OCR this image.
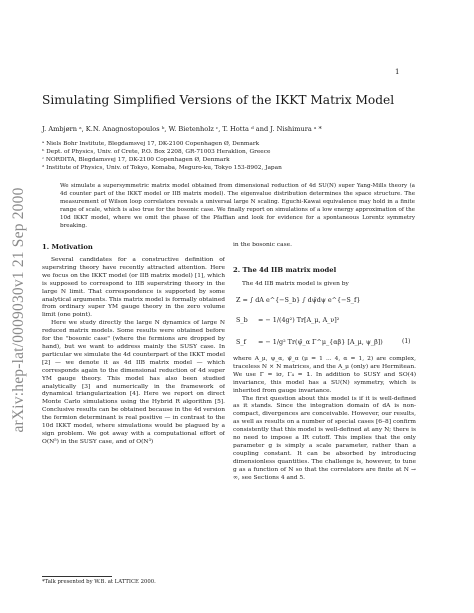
arXiv:hep-lat/0009030v1 21 Sep 2000
1
Simulating Simplified Versions of the IKKT Matrix Model
J. Ambjørn ᵃ, K.N. Anagnostopoulos ᵇ, W. Bietenholz ᶜ, T. Hotta ᵈ and J. Nishimura ᵃ *
ᵃ Niels Bohr Institute, Blegdamsvej 17, DK-2100 Copenhagen Ø, Denmark
ᵇ Dept. of Physics, Univ. of Crete, P.O. Box 2208, GR-71003 Heraklion, Greece
ᶜ NORDITA, Blegdamsvej 17, DK-2100 Copenhagen Ø, Denmark
ᵈ Institute of Physics, Univ. of Tokyo, Komaba, Meguro-ku, Tokyo 153-8902, Japan
We simulate a supersymmetric matrix model obtained from dimensional reduction of 4d SU(N) super Yang-Mills theory (a 4d counter part of the IKKT model or IIB matrix model). The eigenvalue distribution determines the space structure. The measurement of Wilson loop correlators reveals a universal large N scaling. Eguchi-Kawai equivalence may hold in a finite range of scale, which is also true for the bosonic case. We finally report on simulations of a low energy approximation of the 10d IKKT model, where we omit the phase of the Pfaffian and look for evidence for a spontaneous Lorentz symmetry breaking.
1. Motivation

Several candidates for a constructive definition of superstring theory have recently attracted attention. Here we focus on the IKKT model (or IIB matrix model) [1], which is supposed to correspond to IIB superstring theory in the large N limit. That correspondence is supported by some analytical arguments. This matrix model is formally obtained from ordinary super YM gauge theory in the zero volume limit (one point).

Here we study directly the large N dynamics of large N reduced matrix models. Some results were obtained before for the "bosonic case" (where the fermions are dropped by hand), but we want to address mainly the SUSY case. In particular we simulate the 4d counterpart of the IKKT model [2] — we denote it as 4d IIB matrix model — which corresponds again to the dimensional reduction of 4d super YM gauge theory. This model has also been studied analytically [3] and numerically in the framework of dynamical triangularization [4]. Here we report on direct Monte Carlo simulations using the Hybrid R algorithm [5]. Conclusive results can be obtained because in the 4d version the fermion determinant is real positive — in contrast to the 10d IKKT model, where simulations would be plagued by a sign problem. We got away with a computational effort of O(N⁵) in the SUSY case, and of O(N³)

in the bosonic case.
2. The 4d IIB matrix model

The 4d IIB matrix model is given by

Z = ∫ dA e^{−S_b} ∫ dψ̄dψ e^{−S_f}
S_b = − 1/(4g²) Tr[A_μ, A_ν]²
S_f = − 1/g² Tr(ψ̄_α Γ^μ_{αβ} [A_μ, ψ_β])	(1)

where A_μ, ψ_α, ψ̄_α (μ = 1 ... 4, α = 1, 2) are complex, traceless N × N matrices, and the A_μ (only) are Hermitean. We use Γ̄ = iσ, Γ₄ = 𝟙. In addition to SUSY and SO(4) invariance, this model has a SU(N) symmetry, which is inherited from gauge invariance.

The first question about this model is if it is well-defined as it stands. Since the integration domain of dA is non-compact, divergences are conceivable. However, our results, as well as results on a number of special cases [6–8] confirm consistently that this model is well-defined at any N; there is no need to impose a IR cutoff. This implies that the only parameter g is simply a scale parameter, rather than a coupling constant. It can be absorbed by introducing dimensionless quantities. The challenge is, however, to tune g as a function of N so that the correlators are finite at N → ∞, see Sections 4 and 5.

*Talk presented by W.B. at LATTICE 2000.
